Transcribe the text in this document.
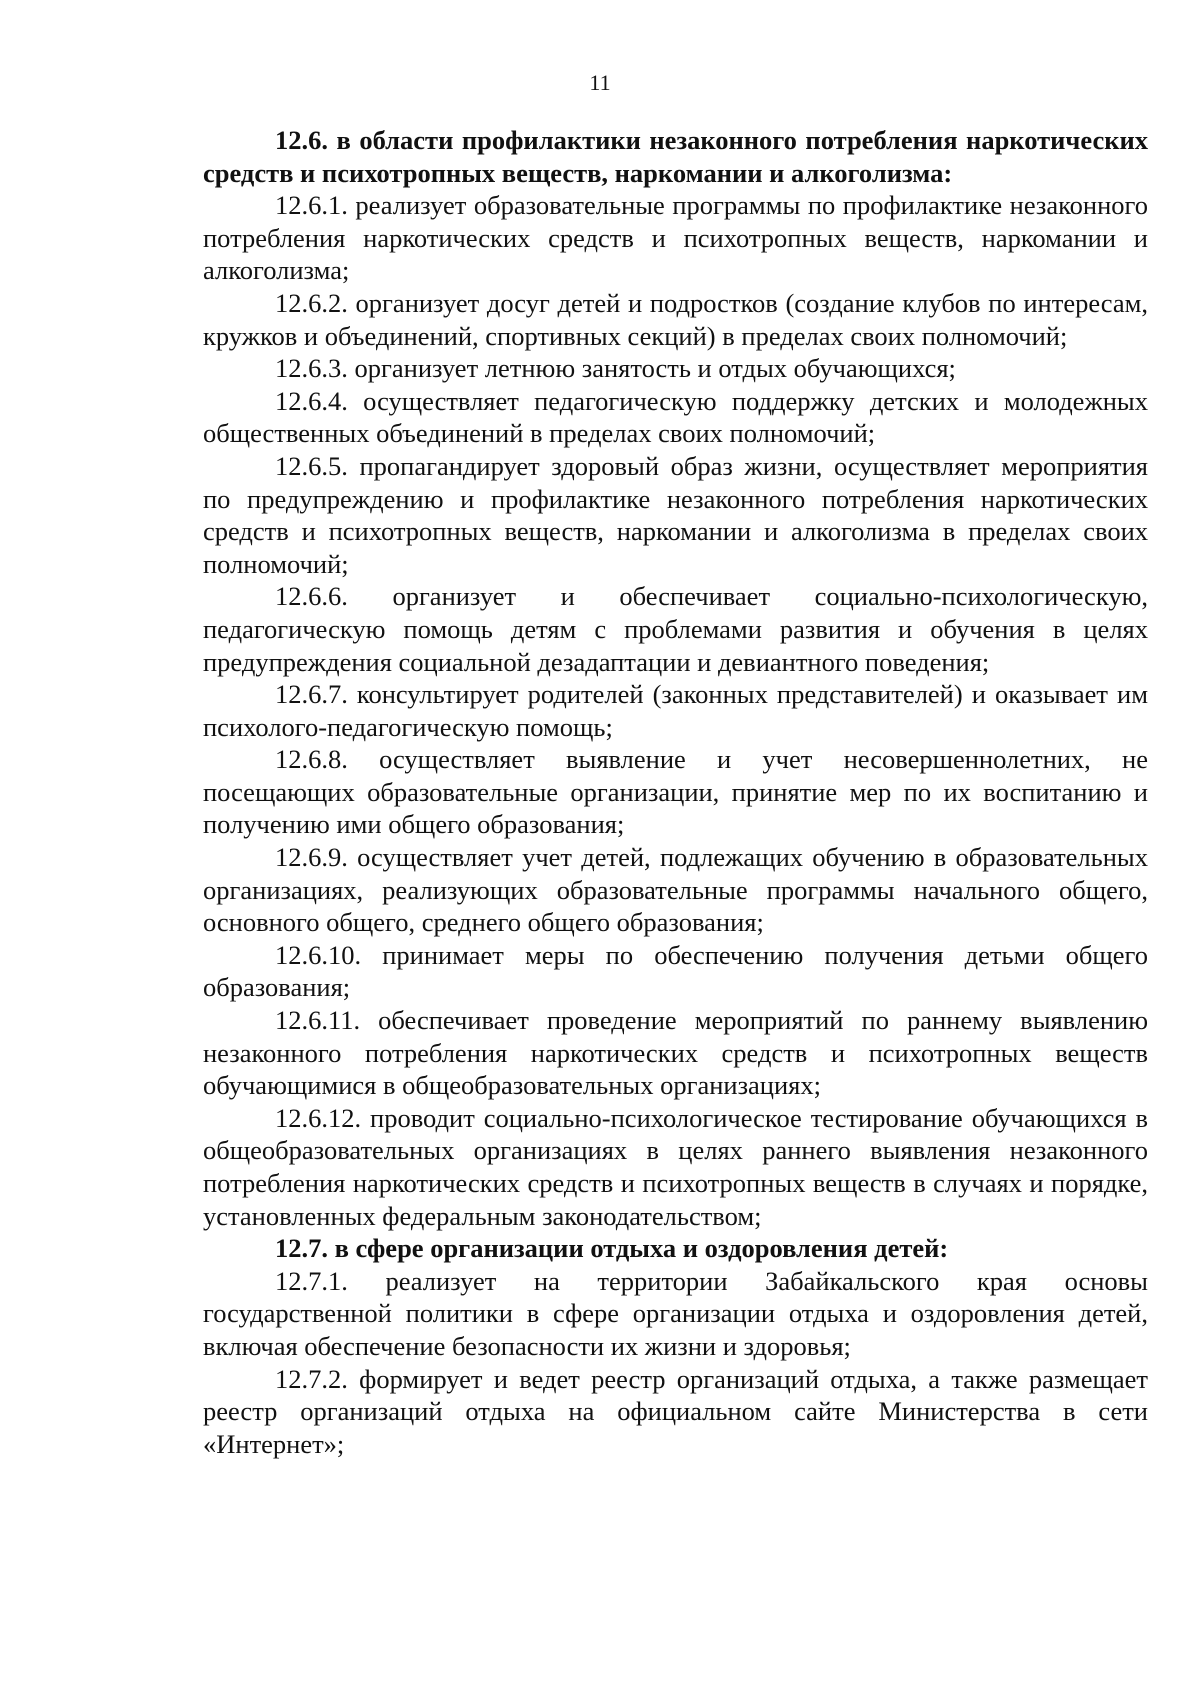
11

12.6. в области профилактики незаконного потребления наркотических средств и психотропных веществ, наркомании и алкоголизма:

12.6.1. реализует образовательные программы по профилактике незаконного потребления наркотических средств и психотропных веществ, наркомании и алкоголизма;

12.6.2. организует досуг детей и подростков (создание клубов по интересам, кружков и объединений, спортивных секций) в пределах своих полномочий;

12.6.3. организует летнюю занятость и отдых обучающихся;

12.6.4. осуществляет педагогическую поддержку детских и молодежных общественных объединений в пределах своих полномочий;

12.6.5. пропагандирует здоровый образ жизни, осуществляет мероприятия по предупреждению и профилактике незаконного потребления наркотических средств и психотропных веществ, наркомании и алкоголизма в пределах своих полномочий;

12.6.6. организует и обеспечивает социально-психологическую, педагогическую помощь детям с проблемами развития и обучения в целях предупреждения социальной дезадаптации и девиантного поведения;

12.6.7. консультирует родителей (законных представителей) и оказывает им психолого-педагогическую помощь;

12.6.8. осуществляет выявление и учет несовершеннолетних, не посещающих образовательные организации, принятие мер по их воспитанию и получению ими общего образования;

12.6.9. осуществляет учет детей, подлежащих обучению в образовательных организациях, реализующих образовательные программы начального общего, основного общего, среднего общего образования;

12.6.10. принимает меры по обеспечению получения детьми общего образования;

12.6.11. обеспечивает проведение мероприятий по раннему выявлению незаконного потребления наркотических средств и психотропных веществ обучающимися в общеобразовательных организациях;

12.6.12. проводит социально-психологическое тестирование обучающихся в общеобразовательных организациях в целях раннего выявления незаконного потребления наркотических средств и психотропных веществ в случаях и порядке, установленных федеральным законодательством;

12.7. в сфере организации отдыха и оздоровления детей:

12.7.1. реализует на территории Забайкальского края основы государственной политики в сфере организации отдыха и оздоровления детей, включая обеспечение безопасности их жизни и здоровья;

12.7.2. формирует и ведет реестр организаций отдыха, а также размещает реестр организаций отдыха на официальном сайте Министерства в сети «Интернет»;
